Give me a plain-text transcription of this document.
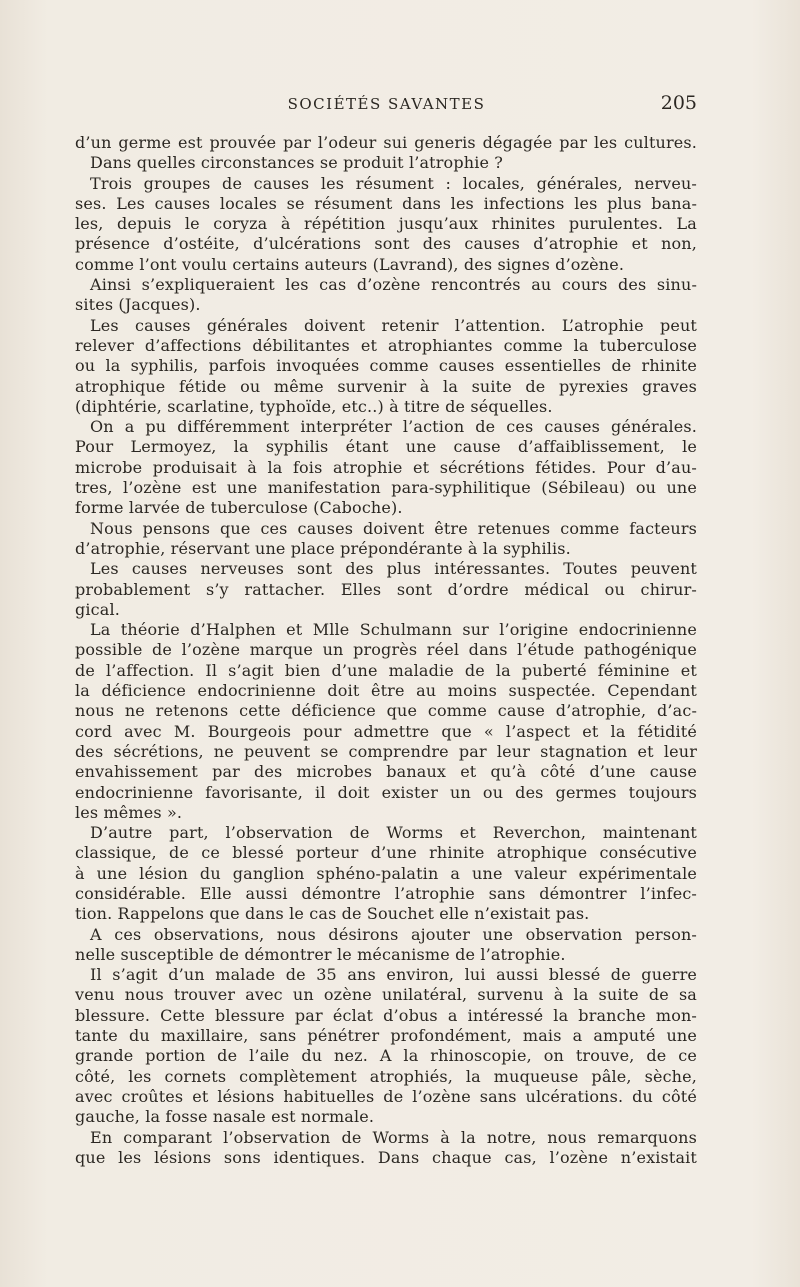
SOCIÉTÉS SAVANTES	205
d’un germe est prouvée par l’odeur sui generis dégagée par les cultures.
Dans quelles circonstances se produit l’atrophie ?
Trois groupes de causes les résument : locales, générales, nerveu-
ses. Les causes locales se résument dans les infections les plus bana-
les, depuis le coryza à répétition jusqu’aux rhinites purulentes. La
présence d’ostéite, d’ulcérations sont des causes d’atrophie et non,
comme l’ont voulu certains auteurs (Lavrand), des signes d’ozène.
Ainsi s’expliqueraient les cas d’ozène rencontrés au cours des sinu-
sites (Jacques).
Les causes générales doivent retenir l’attention. L’atrophie peut
relever d’affections débilitantes et atrophiantes comme la tuberculose
ou la syphilis, parfois invoquées comme causes essentielles de rhinite
atrophique fétide ou même survenir à la suite de pyrexies graves
(diphtérie, scarlatine, typhoïde, etc..) à titre de séquelles.
On a pu différemment interpréter l’action de ces causes générales.
Pour Lermoyez, la syphilis étant une cause d’affaiblissement, le
microbe produisait à la fois atrophie et sécrétions fétides. Pour d’au-
tres, l’ozène est une manifestation para-syphilitique (Sébileau) ou une
forme larvée de tuberculose (Caboche).
Nous pensons que ces causes doivent être retenues comme facteurs
d’atrophie, réservant une place prépondérante à la syphilis.
Les causes nerveuses sont des plus intéressantes. Toutes peuvent
probablement s’y rattacher. Elles sont d’ordre médical ou chirur-
gical.
La théorie d’Halphen et Mlle Schulmann sur l’origine endocrinienne
possible de l’ozène marque un progrès réel dans l’étude pathogénique
de l’affection. Il s’agit bien d’une maladie de la puberté féminine et
la déficience endocrinienne doit être au moins suspectée. Cependant
nous ne retenons cette déficience que comme cause d’atrophie, d’ac-
cord avec M. Bourgeois pour admettre que « l’aspect et la fétidité
des sécrétions, ne peuvent se comprendre par leur stagnation et leur
envahissement par des microbes banaux et qu’à côté d’une cause
endocrinienne favorisante, il doit exister un ou des germes toujours
les mêmes ».
D’autre part, l’observation de Worms et Reverchon, maintenant
classique, de ce blessé porteur d’une rhinite atrophique consécutive
à une lésion du ganglion sphéno-palatin a une valeur expérimentale
considérable. Elle aussi démontre l’atrophie sans démontrer l’infec-
tion. Rappelons que dans le cas de Souchet elle n’existait pas.
A ces observations, nous désirons ajouter une observation person-
nelle susceptible de démontrer le mécanisme de l’atrophie.
Il s’agit d’un malade de 35 ans environ, lui aussi blessé de guerre
venu nous trouver avec un ozène unilatéral, survenu à la suite de sa
blessure. Cette blessure par éclat d’obus a intéressé la branche mon-
tante du maxillaire, sans pénétrer profondément, mais a amputé une
grande portion de l’aile du nez. A la rhinoscopie, on trouve, de ce
côté, les cornets complètement atrophiés, la muqueuse pâle, sèche,
avec croûtes et lésions habituelles de l’ozène sans ulcérations. du côté
gauche, la fosse nasale est normale.
En comparant l’observation de Worms à la notre, nous remarquons
que les lésions sons identiques. Dans chaque cas, l’ozène n’existait
